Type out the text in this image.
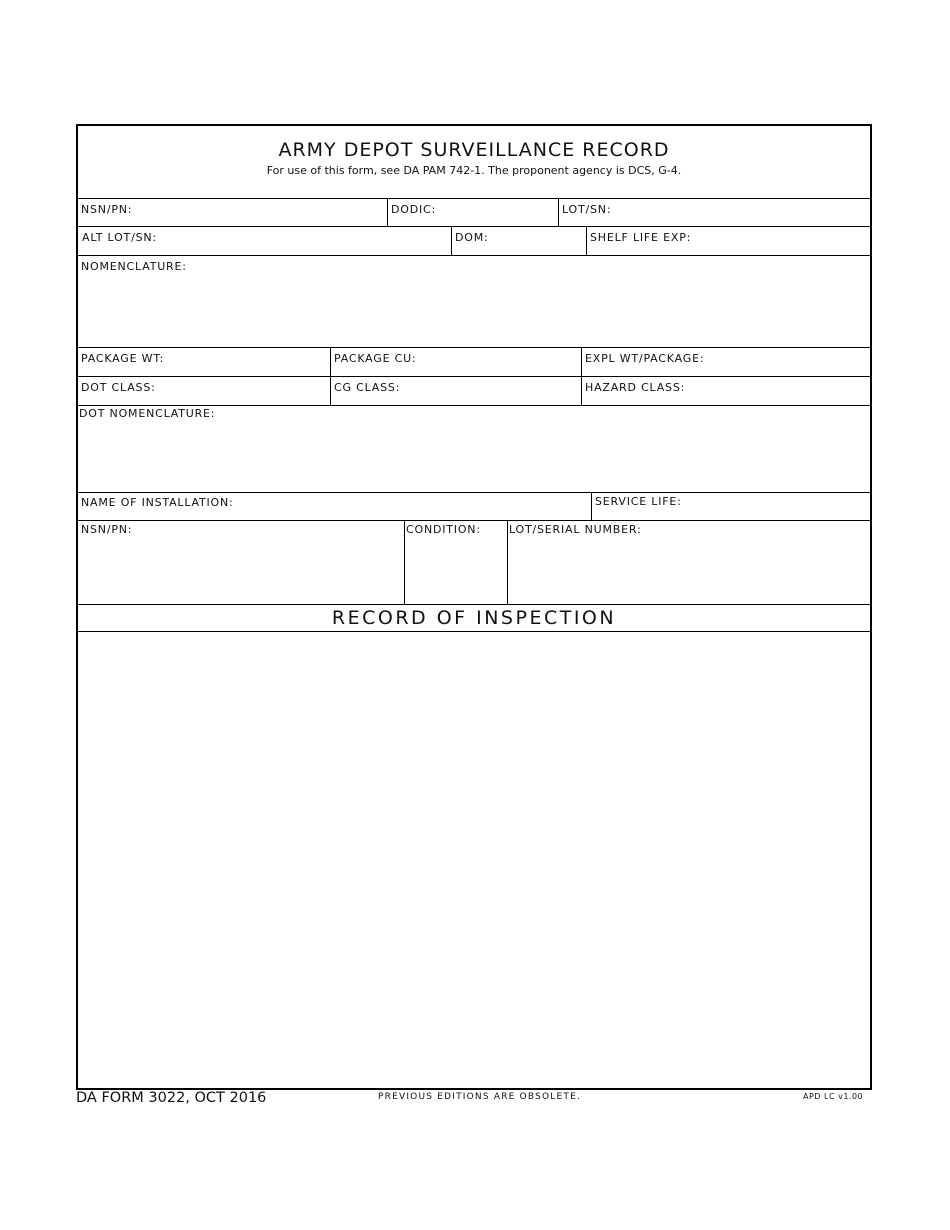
ARMY DEPOT SURVEILLANCE RECORD
For use of this form, see DA PAM 742-1. The proponent agency is DCS, G-4.
NSN/PN:	DODIC:	LOT/SN:
ALT LOT/SN:	DOM:	SHELF LIFE EXP:
NOMENCLATURE:
PACKAGE WT:	PACKAGE CU:	EXPL WT/PACKAGE:
DOT CLASS:	CG CLASS:	HAZARD CLASS:
DOT NOMENCLATURE:
NAME OF INSTALLATION:	SERVICE LIFE:
NSN/PN:	CONDITION:	LOT/SERIAL NUMBER:
RECORD OF INSPECTION
DA FORM 3022, OCT 2016	PREVIOUS EDITIONS ARE OBSOLETE.	APD LC v1.00
